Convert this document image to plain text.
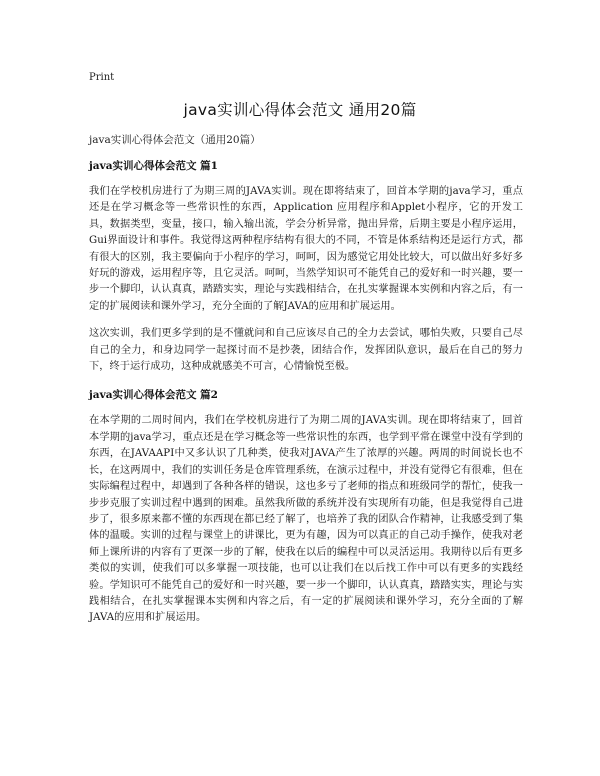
Print
java实训心得体会范文 通用20篇

java实训心得体会范文（通用20篇）

java实训心得体会范文 篇1

我们在学校机房进行了为期三周的JAVA实训。现在即将结束了，回首本学期的java学习，重点还是在学习概念等一些常识性的东西，Application 应用程序和Applet小程序，它的开发工具，数据类型，变量，接口，输入输出流，学会分析异常，抛出异常，后期主要是小程序运用，Gui界面设计和事件。我觉得这两种程序结构有很大的不同，不管是体系结构还是运行方式，都有很大的区别，我主要偏向于小程序的学习，呵呵，因为感觉它用处比较大，可以做出好多好多好玩的游戏，运用程序等，且它灵活。呵呵，当然学知识可不能凭自己的爱好和一时兴趣，要一步一个脚印，认认真真，踏踏实实，理论与实践相结合，在扎实掌握课本实例和内容之后，有一定的扩展阅读和课外学习，充分全面的了解JAVA的应用和扩展运用。

这次实训，我们更多学到的是不懂就问和自己应该尽自己的全力去尝试，哪怕失败，只要自己尽自己的全力，和身边同学一起探讨而不是抄袭，团结合作，发挥团队意识，最后在自己的努力下，终于运行成功，这种成就感美不可言，心情愉悦至极。

java实训心得体会范文 篇2

在本学期的二周时间内，我们在学校机房进行了为期二周的JAVA实训。现在即将结束了，回首本学期的java学习，重点还是在学习概念等一些常识性的东西，也学到平常在课堂中没有学到的东西，在JAVAAPI中又多认识了几种类，使我对JAVA产生了浓厚的兴趣。两周的时间说长也不长，在这两周中，我们的实训任务是仓库管理系统，在演示过程中，并没有觉得它有很难，但在实际编程过程中，却遇到了各种各样的错误，这也多亏了老师的指点和班级同学的帮忙，使我一步步克服了实训过程中遇到的困难。虽然我所做的系统并没有实现所有功能，但是我觉得自己进步了，很多原来都不懂的东西现在都已经了解了，也培养了我的团队合作精神，让我感受到了集体的温暖。实训的过程与课堂上的讲课比，更为有趣，因为可以真正的自己动手操作，使我对老师上课所讲的内容有了更深一步的了解，使我在以后的编程中可以灵活运用。我期待以后有更多类似的实训，使我们可以多掌握一项技能，也可以让我们在以后找工作中可以有更多的实践经验。学知识可不能凭自己的爱好和一时兴趣，要一步一个脚印，认认真真，踏踏实实，理论与实践相结合，在扎实掌握课本实例和内容之后，有一定的扩展阅读和课外学习，充分全面的了解JAVA的应用和扩展运用。
